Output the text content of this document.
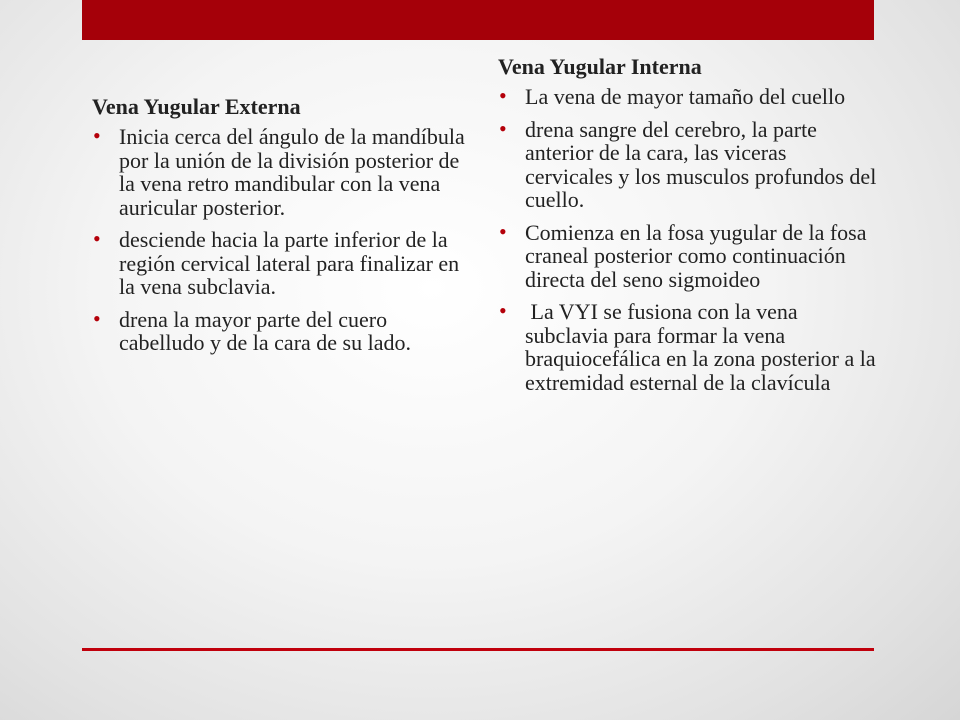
Vena Yugular Externa
• Inicia cerca del ángulo de la mandíbula por la unión de la división posterior de la vena retro mandibular con la vena auricular posterior.
• desciende hacia la parte inferior de la región cervical lateral para finalizar en la vena subclavia.
• drena la mayor parte del cuero cabelludo y de la cara de su lado.
Vena Yugular Interna
• La vena de mayor tamaño del cuello
• drena sangre del cerebro, la parte anterior de la cara, las viceras cervicales y los musculos profundos del cuello.
• Comienza en la fosa yugular de la fosa craneal posterior como continuación directa del seno sigmoideo
• La VYI se fusiona con la vena subclavia para formar la vena braquiocefálica en la zona posterior a la extremidad esternal de la clavícula
